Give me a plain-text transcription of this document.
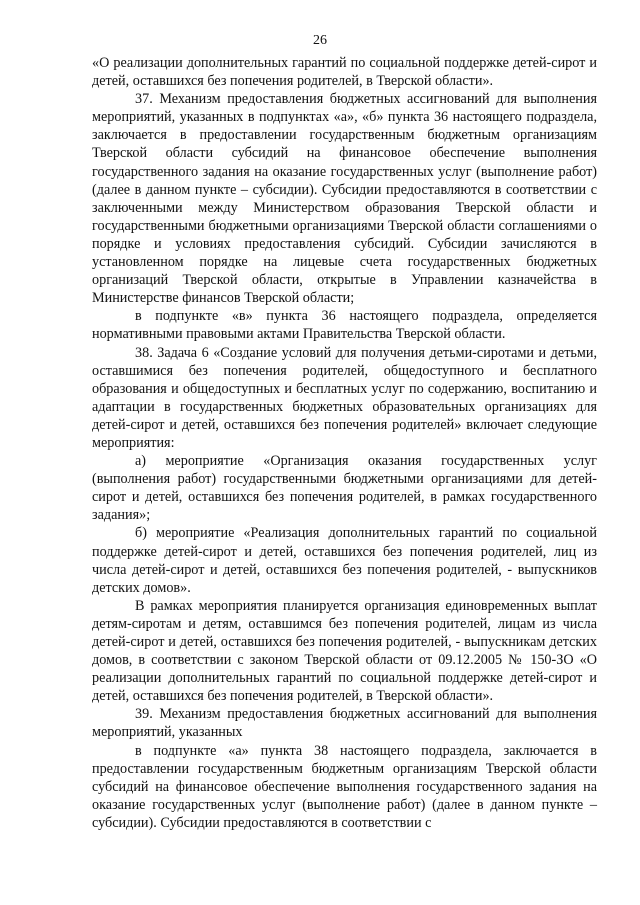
26

«О реализации дополнительных гарантий по социальной поддержке детей-сирот и детей, оставшихся без попечения родителей, в Тверской области».

37. Механизм предоставления бюджетных ассигнований для выполнения мероприятий, указанных в подпунктах «а», «б» пункта 36 настоящего подраздела, заключается в предоставлении государственным бюджетным организациям Тверской области субсидий на финансовое обеспечение выполнения государственного задания на оказание государственных услуг (выполнение работ) (далее в данном пункте – субсидии). Субсидии предоставляются в соответствии с заключенными между Министерством образования Тверской области и государственными бюджетными организациями Тверской области соглашениями о порядке и условиях предоставления субсидий. Субсидии зачисляются в установленном порядке на лицевые счета государственных бюджетных организаций Тверской области, открытые в Управлении казначейства в Министерстве финансов Тверской области;

в подпункте «в» пункта 36 настоящего подраздела, определяется нормативными правовыми актами Правительства Тверской области.

38. Задача 6 «Создание условий для получения детьми-сиротами и детьми, оставшимися без попечения родителей, общедоступного и бесплатного образования и общедоступных и бесплатных услуг по содержанию, воспитанию и адаптации в государственных бюджетных образовательных организациях для детей-сирот и детей, оставшихся без попечения родителей» включает следующие мероприятия:

а) мероприятие «Организация оказания государственных услуг (выполнения работ) государственными бюджетными организациями для детей-сирот и детей, оставшихся без попечения родителей, в рамках государственного задания»;

б) мероприятие «Реализация дополнительных гарантий по социальной поддержке детей-сирот и детей, оставшихся без попечения родителей, лиц из числа детей-сирот и детей, оставшихся без попечения родителей, - выпускников детских домов».

В рамках мероприятия планируется организация единовременных выплат детям-сиротам и детям, оставшимся без попечения родителей, лицам из числа детей-сирот и детей, оставшихся без попечения родителей, - выпускникам детских домов, в соответствии с законом Тверской области от 09.12.2005 № 150-ЗО «О реализации дополнительных гарантий по социальной поддержке детей-сирот и детей, оставшихся без попечения родителей, в Тверской области».

39. Механизм предоставления бюджетных ассигнований для выполнения мероприятий, указанных

в подпункте «а» пункта 38 настоящего подраздела, заключается в предоставлении государственным бюджетным организациям Тверской области субсидий на финансовое обеспечение выполнения государственного задания на оказание государственных услуг (выполнение работ) (далее в данном пункте – субсидии). Субсидии предоставляются в соответствии с
